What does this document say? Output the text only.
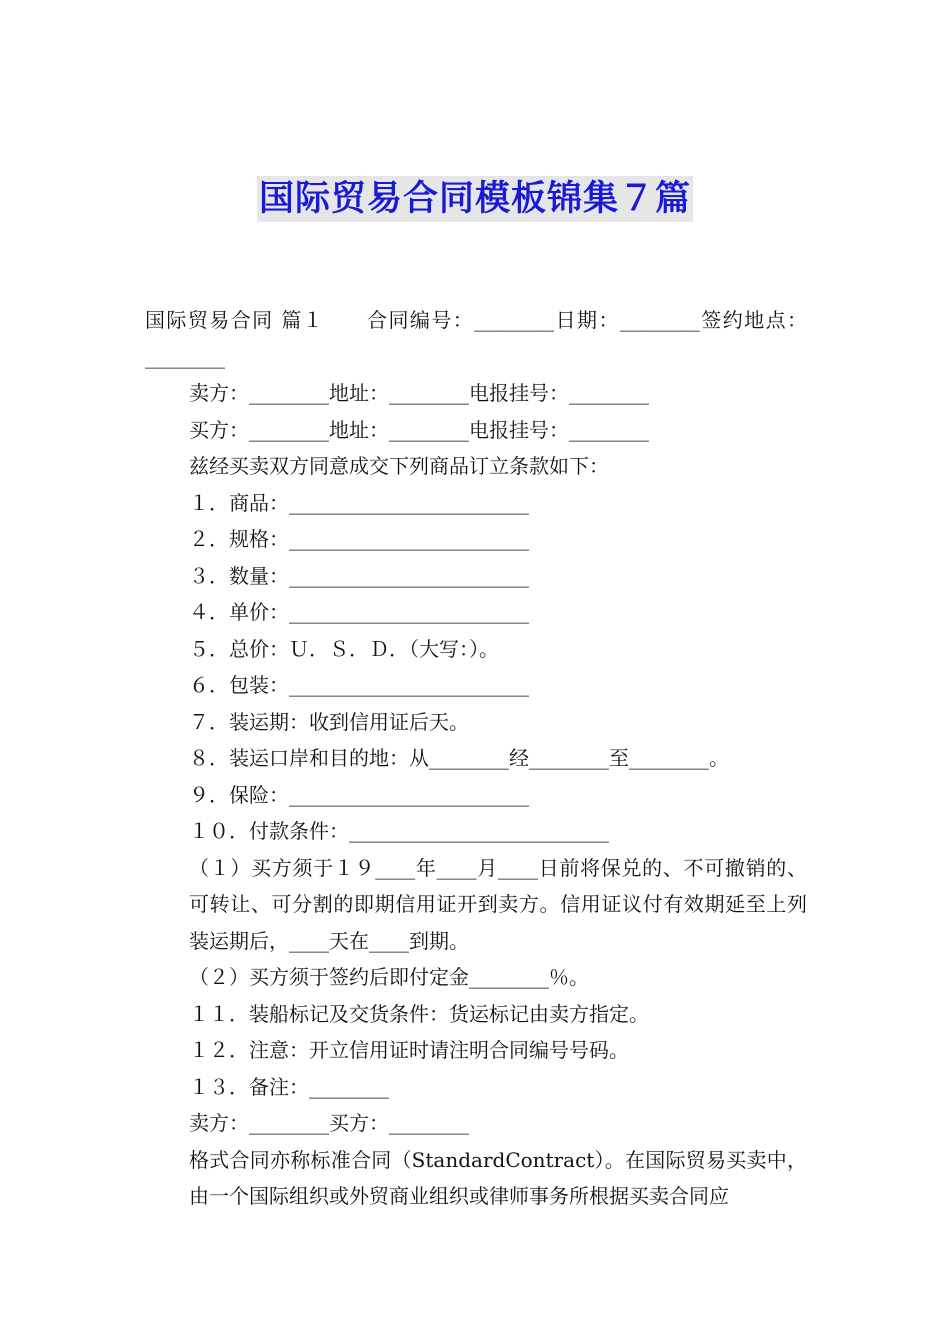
国际贸易合同模板锦集７篇

国际贸易合同 篇１　　合同编号：________日期：________签约地点：________

卖方：________地址：________电报挂号：________

买方：________地址：________电报挂号：________

兹经买卖双方同意成交下列商品订立条款如下：

１．商品：________________________

２．规格：________________________

３．数量：________________________

４．单价：________________________

５．总价：Ｕ．Ｓ．Ｄ．（大写：）。

６．包装：________________________

７．装运期：收到信用证后天。

８．装运口岸和目的地：从________经________至________。

９．保险：________________________

１０．付款条件：__________________________

（１）买方须于１９____年____月____日前将保兑的、不可撤销的、可转让、可分割的即期信用证开到卖方。信用证议付有效期延至上列装运期后，____天在____到期。

（２）买方须于签约后即付定金________％。

１１．装船标记及交货条件：货运标记由卖方指定。

１２．注意：开立信用证时请注明合同编号号码。

１３．备注：________

卖方：________买方：________

格式合同亦称标准合同（StandardContract）。在国际贸易买卖中，由一个国际组织或外贸商业组织或律师事务所根据买卖合同应
